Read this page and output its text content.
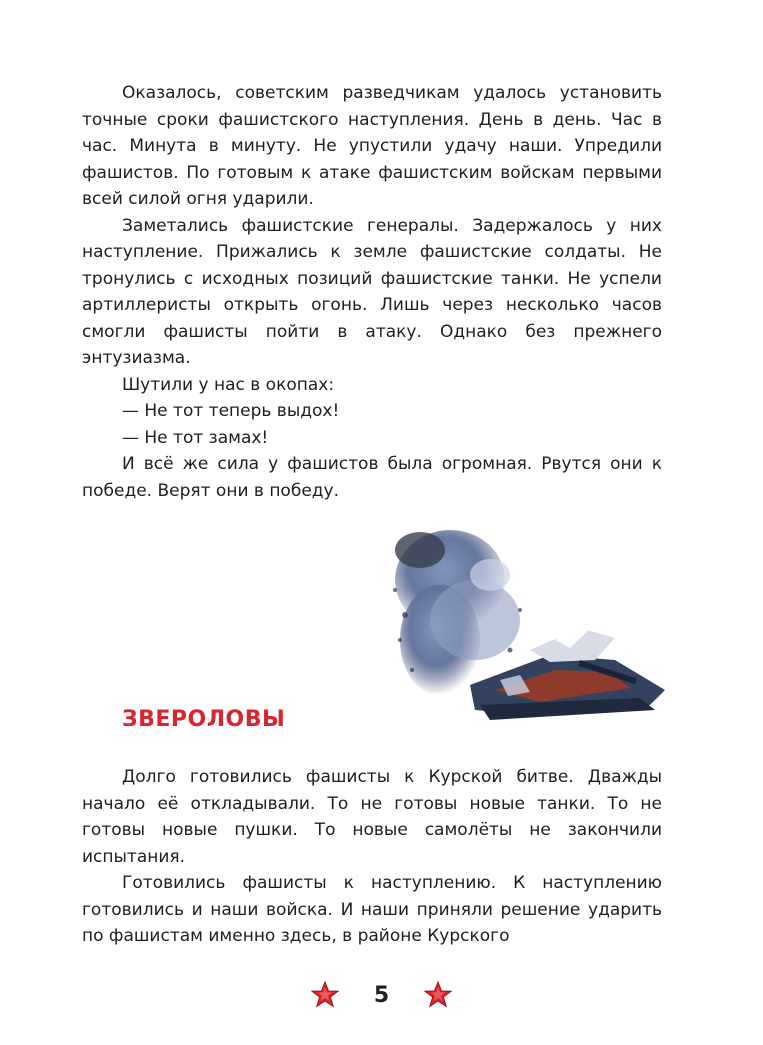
Оказалось, советским разведчикам удалось установить точные сроки фашистского наступления. День в день. Час в час. Минута в минуту. Не упустили удачу наши. Упредили фашистов. По готовым к атаке фашистским войскам первыми всей силой огня ударили.

Заметались фашистские генералы. Задержалось у них наступление. Прижались к земле фашистские солдаты. Не тронулись с исходных позиций фашистские танки. Не успели артиллеристы открыть огонь. Лишь через несколько часов смогли фашисты пойти в атаку. Однако без прежнего энтузиазма.

Шутили у нас в окопах:

— Не тот теперь выдох!

— Не тот замах!

И всё же сила у фашистов была огромная. Рвутся они к победе. Верят они в победу.

ЗВЕРОЛОВЫ

Долго готовились фашисты к Курской битве. Дважды начало её откладывали. То не готовы новые танки. То не готовы новые пушки. То новые самолёты не закончили испытания.

Готовились фашисты к наступлению. К наступлению готовились и наши войска. И наши приняли решение ударить по фашистам именно здесь, в районе Курского

5
